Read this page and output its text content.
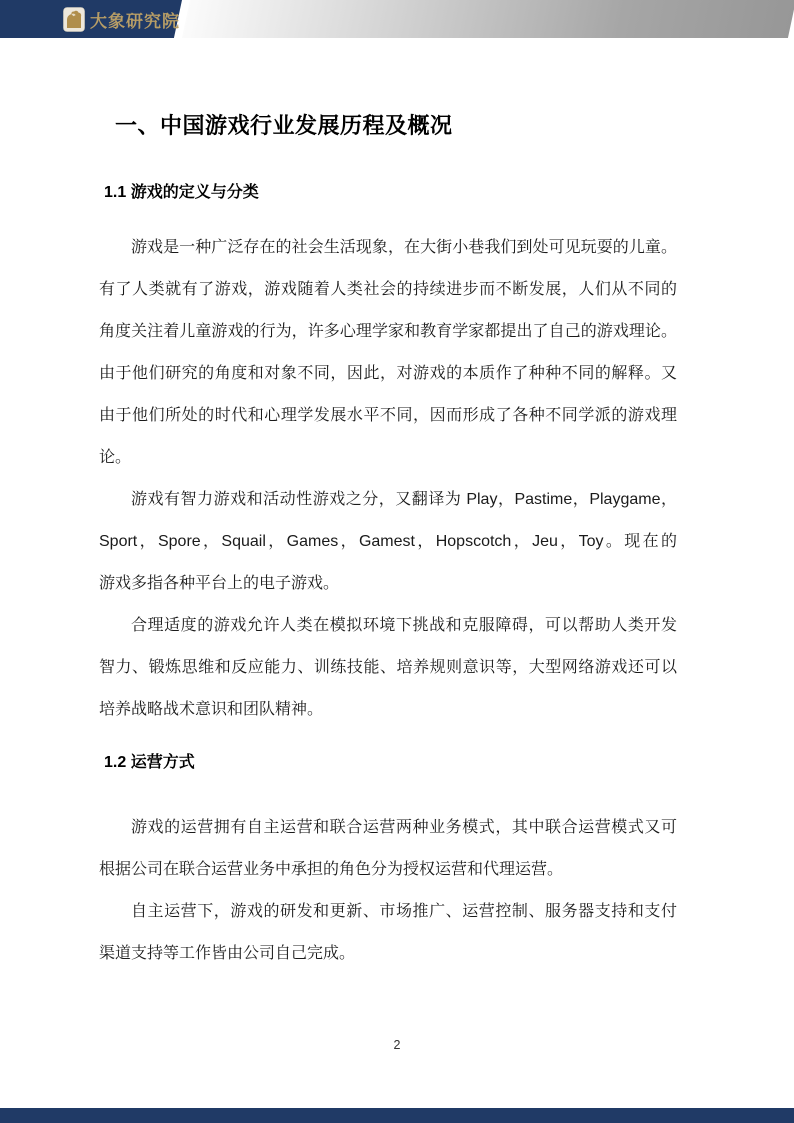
大象研究院
一、中国游戏行业发展历程及概况
1.1 游戏的定义与分类
游戏是一种广泛存在的社会生活现象，在大街小巷我们到处可见玩耍的儿童。
有了人类就有了游戏，游戏随着人类社会的持续进步而不断发展，人们从不同的
角度关注着儿童游戏的行为，许多心理学家和教育学家都提出了自己的游戏理论。
由于他们研究的角度和对象不同，因此，对游戏的本质作了种种不同的解释。又
由于他们所处的时代和心理学发展水平不同，因而形成了各种不同学派的游戏理
论。
游戏有智力游戏和活动性游戏之分，又翻译为 Play，Pastime，Playgame，
Sport，Spore，Squail，Games，Gamest，Hopscotch，Jeu，Toy。现在的
游戏多指各种平台上的电子游戏。
合理适度的游戏允许人类在模拟环境下挑战和克服障碍，可以帮助人类开发
智力、锻炼思维和反应能力、训练技能、培养规则意识等，大型网络游戏还可以
培养战略战术意识和团队精神。
1.2 运营方式
游戏的运营拥有自主运营和联合运营两种业务模式，其中联合运营模式又可
根据公司在联合运营业务中承担的角色分为授权运营和代理运营。
自主运营下，游戏的研发和更新、市场推广、运营控制、服务器支持和支付
渠道支持等工作皆由公司自己完成。
2
